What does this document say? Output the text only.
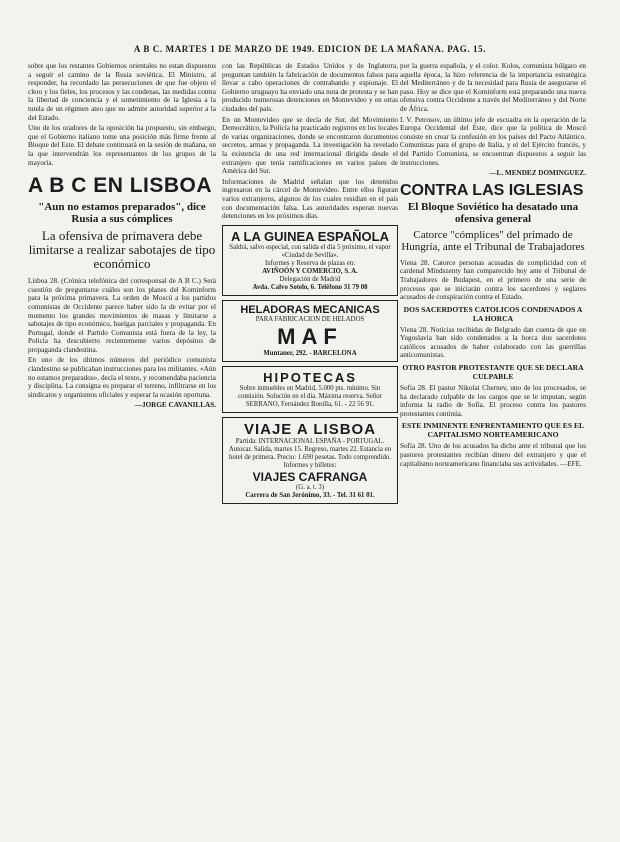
A B C. MARTES 1 DE MARZO DE 1949. EDICION DE LA MAÑANA. PAG. 15.

sobre que los restantes Gobiernos orientales no estan dispuestos a seguir el camino de la Rusia soviética. El Ministro, al responder, ha recordado las persecuciones de que fue objeto el clero y los fieles, los procesos y las condenas, las medidas contra la libertad de conciencia y el sometimiento de la Iglesia a la tutela de un régimen ateo que no admite autoridad superior a la del Estado.

Uno de los oradores de la oposición ha propuesto, sin embargo, que el Gobierno italiano tome una posición más firme frente al Bloque del Este. El debate continuará en la sesión de mañana, en la que intervendrán los representantes de los grupos de la mayoría.

A B C EN LISBOA
"Aun no estamos preparados", dice Rusia a sus cómplices
La ofensiva de primavera debe limitarse a realizar sabotajes de tipo económico

Lisboa 28. (Crónica telefónica del corresponsal de A B C.) Será cuestión de preguntarse cuáles son los planes del Kominform para la próxima primavera. La orden de Moscú a los partidos comunistas de Occidente parece haber sido la de evitar por el momento los grandes movimientos de masas y limitarse a sabotajes de tipo económico, huelgas parciales y propaganda. En Portugal, donde el Partido Comunista está fuera de la ley, la Policía ha descubierto recientemente varios depósitos de propaganda clandestina.

En uno de los últimos números del periódico comunista clandestino se publicaban instrucciones para los militantes. «Aún no estamos preparados», decía el texto, y recomendaba paciencia y disciplina. La consigna es preparar el terreno, infiltrarse en los sindicatos y organismos oficiales y esperar la ocasión oportuna.

—JORGE CAVANILLAS.

con las Repúblicas de Estados Unidos y de Inglaterra, preguntan también la fabricación de documentos falsos para llevar a cabo operaciones de contrabando y espionaje. El Gobierno uruguayo ha enviado una nota de protesta y se han producido numerosas detenciones en Montevideo y en otras ciudades del país.

En un Montevideo que se decía de Sur, del Movimiento Democrático, la Policía ha practicado registros en los locales de varias organizaciones, donde se encontraron documentos secretos, armas y propaganda. La investigación ha revelado la existencia de una red internacional dirigida desde el extranjero que tenía ramificaciones en varios países de América del Sur.

Informaciones de Madrid señalan que los detenidos ingresaron en la cárcel de Montevideo. Entre ellos figuran varios extranjeros, algunos de los cuales residían en el país con documentación falsa. Las autoridades esperan nuevas detenciones en los próximos días.

A LA GUINEA ESPAÑOLA
Saldrá, salvo especial, con salida el día 5 próximo, el vapor «Ciudad de Sevilla».
Informes y Reserva de plazas en:
AVIÑOÓN Y COMERCIO, S. A.
Delegación de Madrid
Avda. Calvo Sotelo, 6. Teléfono 31 79 08
HELADORAS MECANICAS
PARA FABRICACION DE HELADOS
MAF
Muntaner, 292. - BARCELONA
HIPOTECAS
Sobre inmuebles en Madrid, 5.000 pts. mínimo. Sin comisión. Solución en el día. Máxima reserva. Señor SERRANO, Fernández Bonilla, 61. - 22 56 91.
VIAJE A LISBOA
Partida: INTERNACIONAL ESPAÑA - PORTUGAL. Autocar. Salida, martes 15. Regreso, martes 22. Estancia en hotel de primera. Precio: 1.690 pesetas. Todo comprendido. Informes y billetes:
VIAJES CAFRANGA
(G. a. t. 3)
Carrera de San Jerónimo, 33. - Tel. 31 61 01.

por la guerra española, y el color. Kolos, comunista búlgaro en aquella época, la hizo referencia de la importancia estratégica del Mediterráneo y de la necesidad para Rusia de asegurarse el paso. Hoy se dice que el Kominform está preparando una nueva ofensiva contra Occidente a través del Mediterráneo y del Norte de África.

I. V. Petrosov, un último jefe de escuadra en la operación de la Europa Occidental del Este, dice que la política de Moscú consiste en crear la confusión en los países del Pacto Atlántico. Comunistas para el grupo de Italia, y el del Ejército francés, y del Partido Comunista, se encuentran dispuestos a seguir las instrucciones.

—L. MENDEZ DOMINGUEZ.

CONTRA LAS IGLESIAS
El Bloque Soviético ha desatado una ofensiva general
Catorce "cómplices" del primado de Hungría, ante el Tribunal de Trabajadores

Viena 28. Catorce personas acusadas de complicidad con el cardenal Mindszenty han comparecido hoy ante el Tribunal de Trabajadores de Budapest, en el primero de una serie de procesos que se iniciarán contra los sacerdotes y seglares acusados de conspiración contra el Estado.

DOS SACERDOTES CATOLICOS CONDENADOS A LA HORCA

Viena 28. Noticias recibidas de Belgrado dan cuenta de que en Yugoslavia han sido condenados a la horca dos sacerdotes católicos acusados de haber colaborado con las guerrillas anticomunistas.

OTRO PASTOR PROTESTANTE QUE SE DECLARA CULPABLE

Sofía 28. El pastor Nikolai Chernev, uno de los procesados, se ha declarado culpable de los cargos que se le imputan, según informa la radio de Sofía. El proceso contra los pastores protestantes continúa.

ESTE INMINENTE ENFRENTAMIENTO QUE ES EL CAPITALISMO NORTEAMERICANO

Sofía 28. Uno de los acusados ha dicho ante el tribunal que los pastores protestantes recibían dinero del extranjero y que el capitalismo norteamericano financiaba sus actividades. —EFE.
